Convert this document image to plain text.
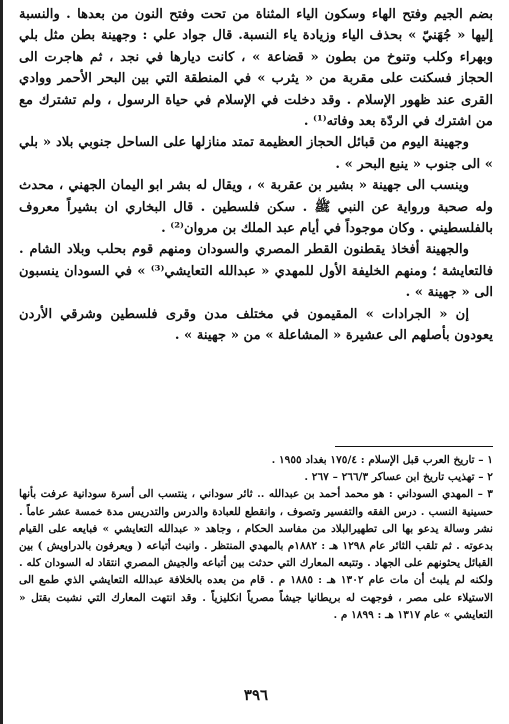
بضم الجيم وفتح الهاء وسكون الياء المثناة من تحت وفتح النون من بعدها . والنسبة إليها « جُهَنيّ » بحذف الياء وزيادة ياء النسبة. قال جواد علي : وجهينة بطن مثل بلي وبهراء وكلب وتنوخ من بطون « قضاعة » ، كانت ديارها في نجد ، ثم هاجرت الى الحجاز فسكنت على مقربة من « يثرب » في المنطقة التي بين البحر الأحمر ووادي القرى عند ظهور الإسلام . وقد دخلت في الإسلام في حياة الرسول ، ولم تشترك مع من اشترك في الردّة بعد وفاته⁽¹⁾ .

وجهينة اليوم من قبائل الحجاز العظيمة تمتد منازلها على الساحل جنوبي بلاد « بلي » الى جنوب « ينبع البحر » .

وينسب الى جهينة « بشير بن عقربة » ، ويقال له بشر ابو اليمان الجهني ، محدث وله صحبة ورواية عن النبي ﷺ . سكن فلسطين . قال البخاري ان بشيراً معروف بالفلسطيني . وكان موجوداً في أيام عبد الملك بن مروان⁽²⁾ .

والجهينة أفخاذ يقطنون القطر المصري والسودان ومنهم قوم بحلب وبلاد الشام . فالتعايشة ؛ ومنهم الخليفة الأول للمهدي « عبدالله التعايشي⁽³⁾ » في السودان ينسبون الى « جهينة » .

إن « الجرادات » المقيمون في مختلف مدن وقرى فلسطين وشرقي الأردن يعودون بأصلهم الى عشيرة « المشاعلة » من « جهينة » .

١ – تاريخ العرب قبل الإسلام : ١٧٥/٤ بغداد ١٩٥٥ .

٢ – تهذيب تاريخ ابن عساكر ٢٦٦/٣ – ٢٦٧ .

٣ – المهدي السوداني : هو محمد أحمد بن عبدالله .. ثائر سوداني ، ينتسب الى أسرة سودانية عرفت بأنها حسينية النسب . درس الفقه والتفسير وتصوف ، وانقطع للعبادة والدرس والتدريس مدة خمسة عشر عاماً . نشر وسالة يدعو بها الى تطهيرالبلاد من مفاسد الحكام ، وجاهد « عبدالله التعايشي » فبايعه على القيام بدعوته . ثم تلقب الثائر عام ١٢٩٨ هـ : ١٨٨٢م بالمهدي المنتظر . وانبث أتباعه ( ويعرفون بالدراويش ) بين القبائل يحثونهم على الجهاد . وتتبعه المعارك التي حدثت بين أتباعه والجيش المصري انتقاد له السودان كله . ولكنه لم يلبث أن مات عام ١٣٠٢ هـ : ١٨٨٥ م . قام من بعده بالخلافة عبدالله التعايشي الذي طمع الى الاستيلاء على مصر ، فوجهت له بريطانيا جيشاً مصرياً انكليزياً . وقد انتهت المعارك التي نشبت بقتل « التعايشي » عام ١٣١٧ هـ : ١٨٩٩ م .

٣٩٦
